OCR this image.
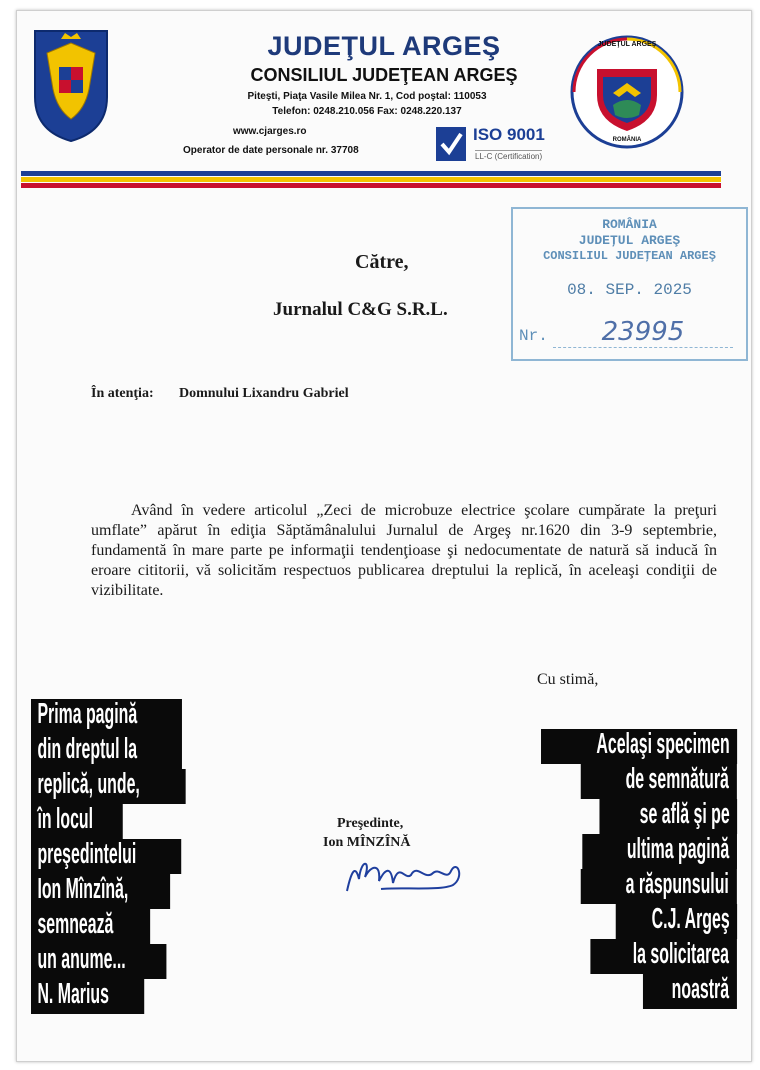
JUDEŢUL ARGEŞ
CONSILIUL JUDEŢEAN ARGEŞ
Piteşti, Piaţa Vasile Milea Nr. 1, Cod poştal: 110053
Telefon: 0248.210.056 Fax: 0248.220.137
www.cjarges.ro
Operator de date personale nr. 37708
ISO 9001
LL-C (Certification)
JUDEŢUL ARGEŞ
ROMÂNIA
ROMÂNIA
JUDEŢUL ARGEŞ
CONSILIUL JUDEŢEAN ARGEŞ
08. SEP. 2025
Nr.	23995
Către,
Jurnalul C&G S.R.L.
În atenţia: Domnului Lixandru Gabriel
Având în vedere articolul „Zeci de microbuze electrice şcolare cumpărate la preţuri umflate” apărut în ediţia Săptămânalului Jurnalul de Argeş nr.1620 din 3-9 septembrie, fundamentă în mare parte pe informaţii tendenţioase şi nedocumentate de natură să inducă în eroare cititorii, vă solicităm respectuos publicarea dreptului la replică, în aceleaşi condiţii de vizibilitate.
Cu stimă,
Preşedinte,
Ion MÎNZÎNĂ
Prima pagină din dreptul la replică, unde, în locul preşedintelui Ion Mînzînă, semnează un anume... N. Marius
Acelaşi specimen de semnătură se află şi pe ultima pagină a răspunsului C.J. Argeş la solicitarea noastră
